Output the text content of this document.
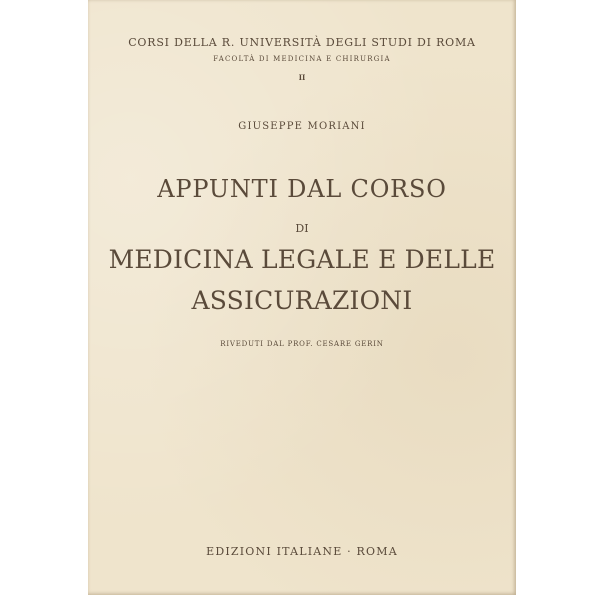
CORSI DELLA R. UNIVERSITÀ DEGLI STUDI DI ROMA
FACOLTÀ DI MEDICINA E CHIRURGIA
II
GIUSEPPE MORIANI
APPUNTI DAL CORSO
DI
MEDICINA LEGALE E DELLE
ASSICURAZIONI
RIVEDUTI DAL PROF. CESARE GERIN
EDIZIONI ITALIANE · ROMA
